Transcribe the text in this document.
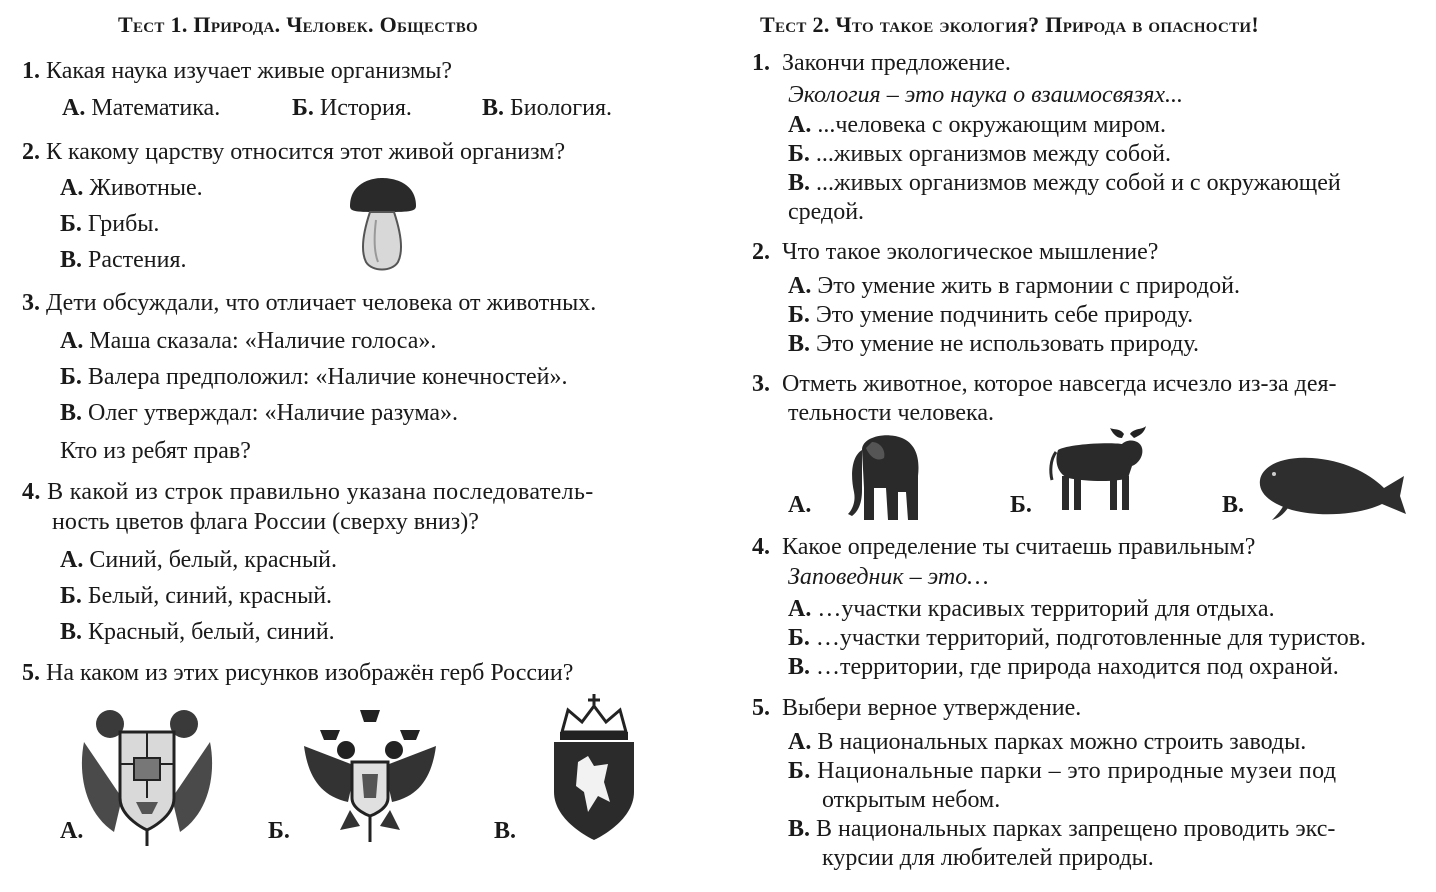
Тест 1. Природа. Человек. Общество
1. Какая наука изучает живые организмы?
А. Математика.	Б. История.	В. Биология.
2. К какому царству относится этот живой организм?
А. Животные.
Б. Грибы.
В. Растения.
3. Дети обсуждали, что отличает человека от животных.
А. Маша сказала: «Наличие голоса».
Б. Валера предположил: «Наличие конечностей».
В. Олег утверждал: «Наличие разума».
Кто из ребят прав?
4. В какой из строк правильно указана последователь-
ность цветов флага России (сверху вниз)?
А. Синий, белый, красный.
Б. Белый, синий, красный.
В. Красный, белый, синий.
5. На каком из этих рисунков изображён герб России?
А.	Б.	В.
Тест 2. Что такое экология? Природа в опасности!
1. Закончи предложение.
Экология – это наука о взаимосвязях...
А. ...человека с окружающим миром.
Б. ...живых организмов между собой.
В. ...живых организмов между собой и с окружающей
средой.
2. Что такое экологическое мышление?
А. Это умение жить в гармонии с природой.
Б. Это умение подчинить себе природу.
В. Это умение не использовать природу.
3. Отметь животное, которое навсегда исчезло из-за дея-
тельности человека.
А.	Б.	В.
4. Какое определение ты считаешь правильным?
Заповедник – это…
А. …участки красивых территорий для отдыха.
Б. …участки территорий, подготовленные для туристов.
В. …территории, где природа находится под охраной.
5. Выбери верное утверждение.
А. В национальных парках можно строить заводы.
Б. Национальные парки – это природные музеи под
открытым небом.
В. В национальных парках запрещено проводить экс-
курсии для любителей природы.
